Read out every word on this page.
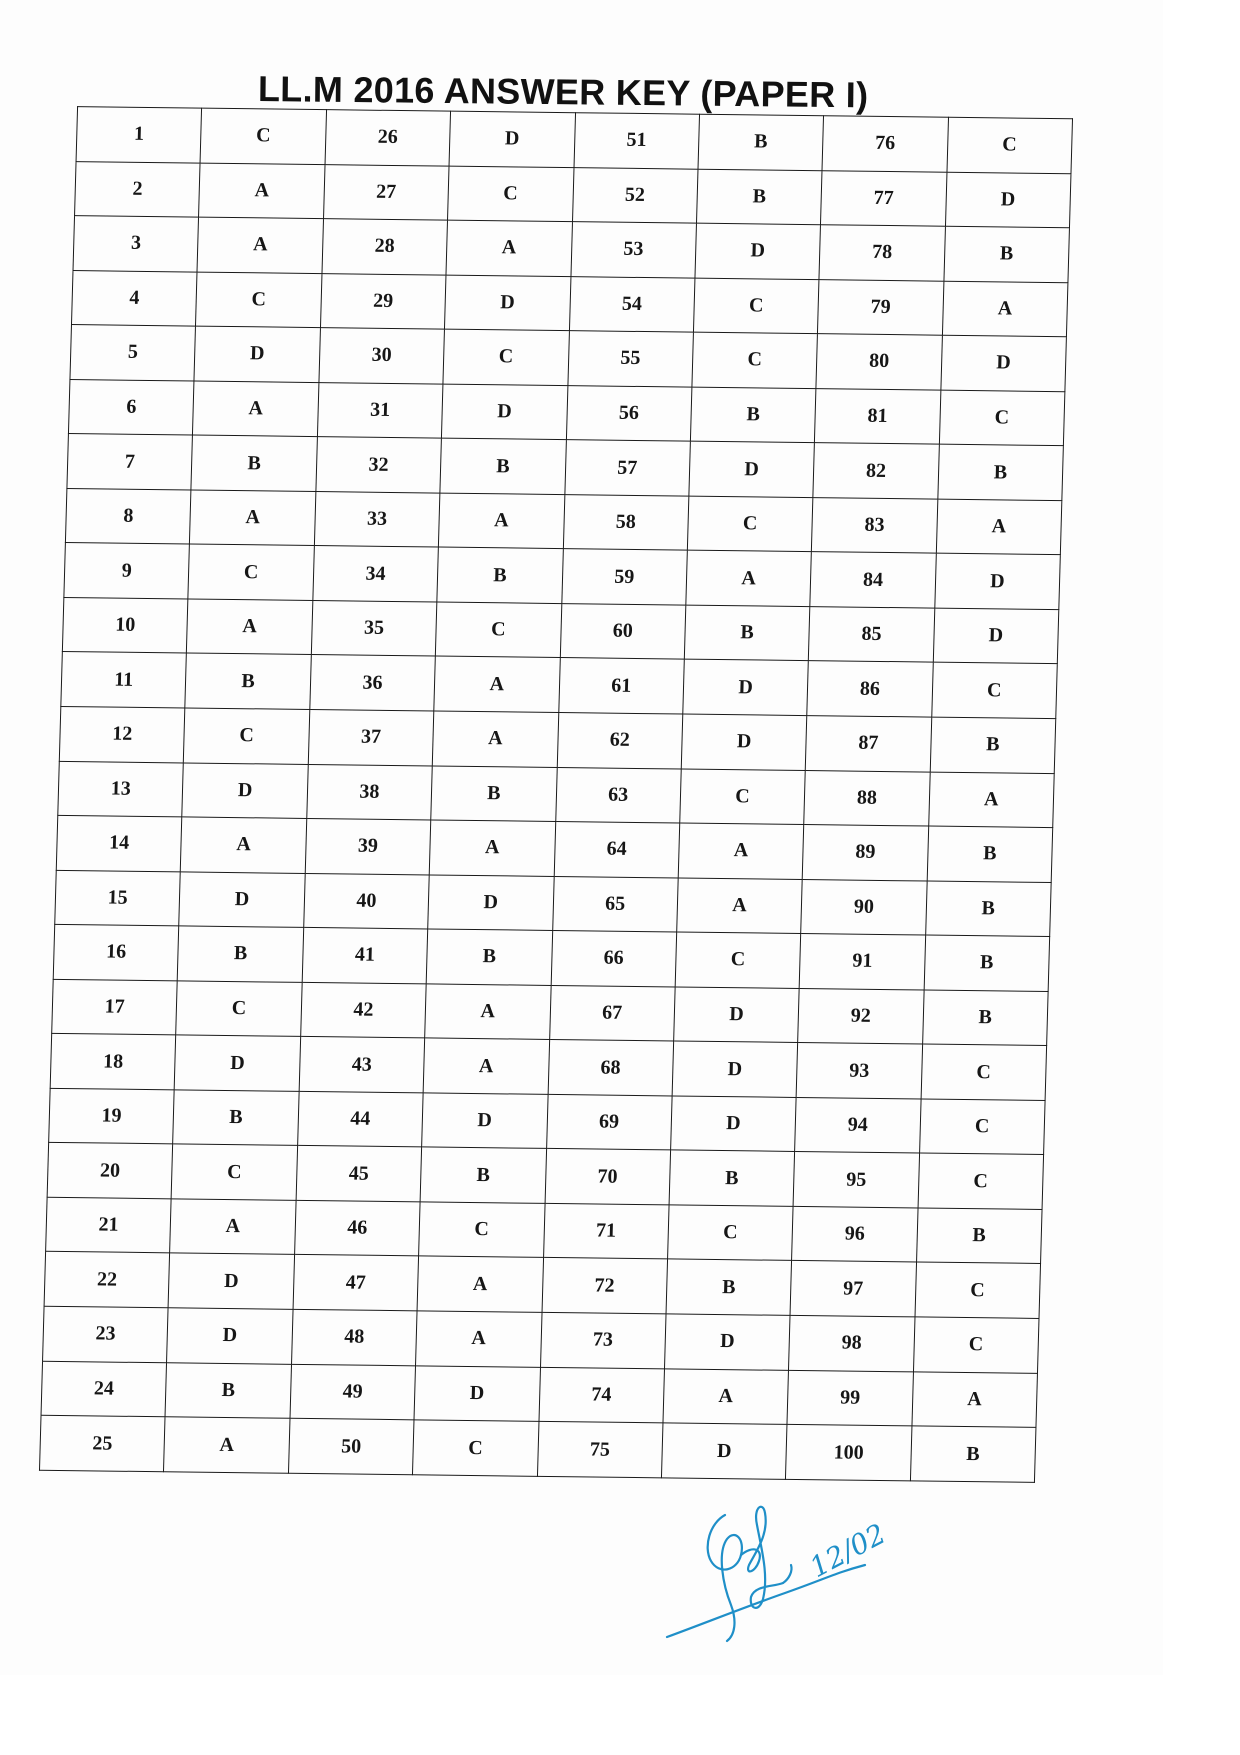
LL.M 2016 ANSWER KEY (PAPER I)
1	C	26	D	51	B	76	C
2	A	27	C	52	B	77	D
3	A	28	A	53	D	78	B
4	C	29	D	54	C	79	A
5	D	30	C	55	C	80	D
6	A	31	D	56	B	81	C
7	B	32	B	57	D	82	B
8	A	33	A	58	C	83	A
9	C	34	B	59	A	84	D
10	A	35	C	60	B	85	D
11	B	36	A	61	D	86	C
12	C	37	A	62	D	87	B
13	D	38	B	63	C	88	A
14	A	39	A	64	A	89	B
15	D	40	D	65	A	90	B
16	B	41	B	66	C	91	B
17	C	42	A	67	D	92	B
18	D	43	A	68	D	93	C
19	B	44	D	69	D	94	C
20	C	45	B	70	B	95	C
21	A	46	C	71	C	96	B
22	D	47	A	72	B	97	C
23	D	48	A	73	D	98	C
24	B	49	D	74	A	99	A
25	A	50	C	75	D	100	B
12/02
